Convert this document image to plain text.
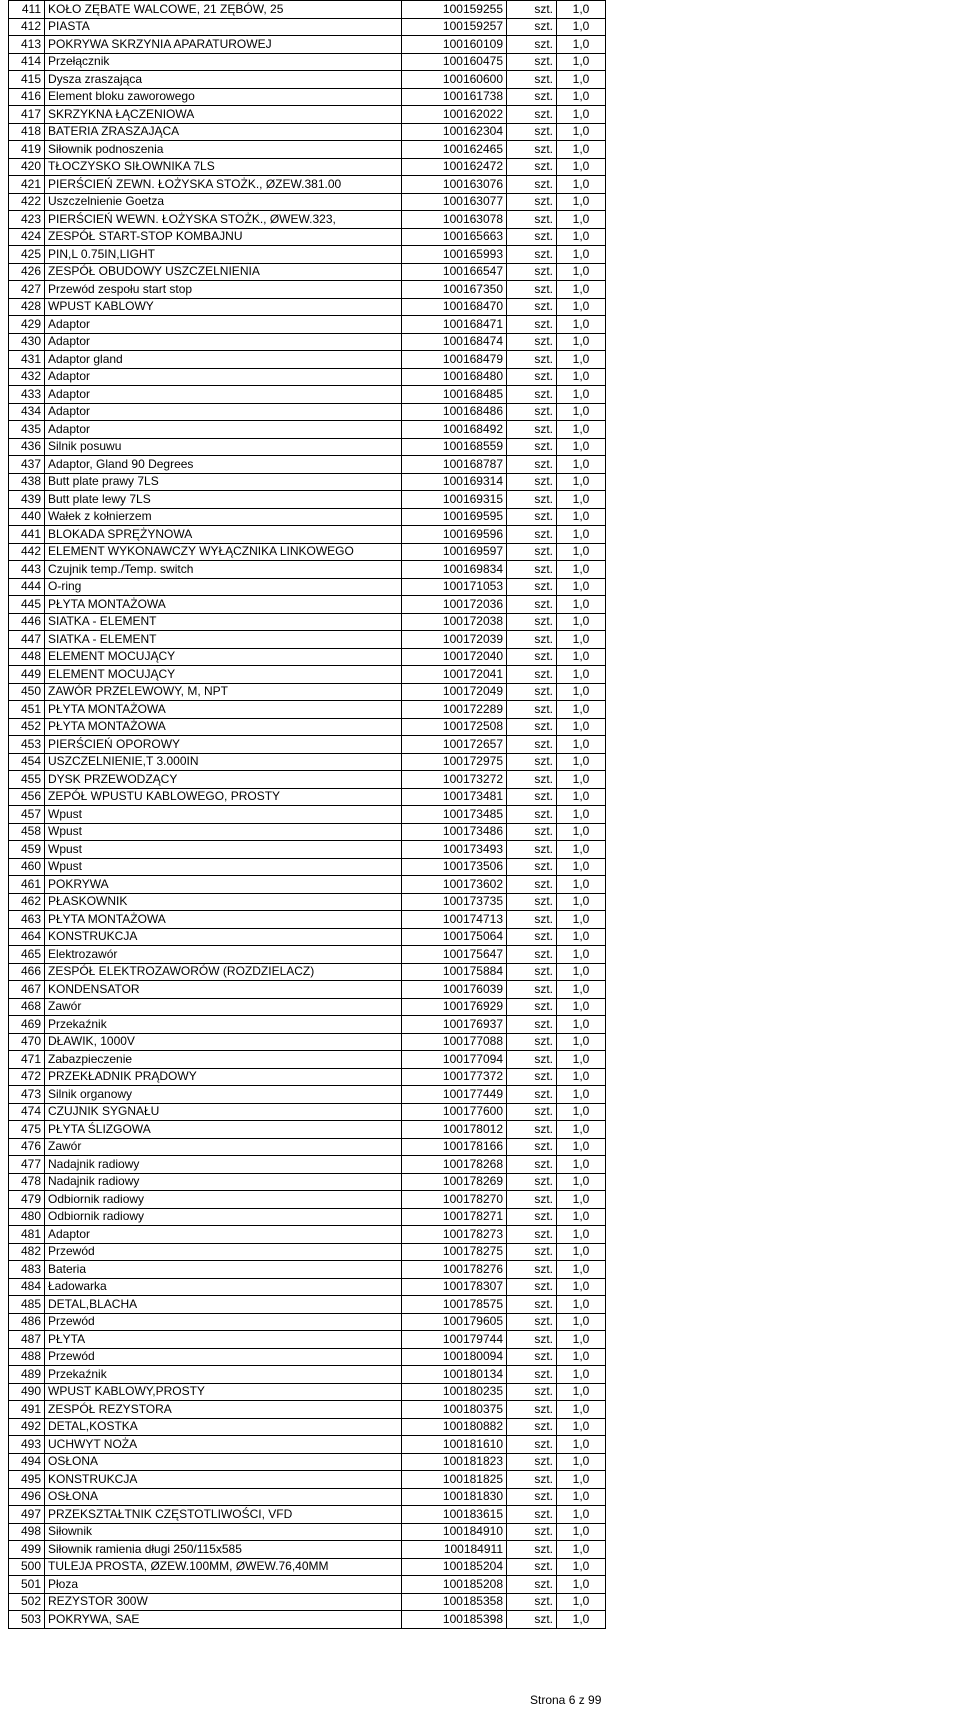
411	KOŁO ZĘBATE WALCOWE, 21 ZĘBÓW, 25	100159255	szt.	1,0
412	PIASTA	100159257	szt.	1,0
413	POKRYWA SKRZYNIA APARATUROWEJ	100160109	szt.	1,0
414	Przełącznik	100160475	szt.	1,0
415	Dysza zraszająca	100160600	szt.	1,0
416	Element bloku zaworowego	100161738	szt.	1,0
417	SKRZYKNA ŁĄCZENIOWA	100162022	szt.	1,0
418	BATERIA ZRASZAJĄCA	100162304	szt.	1,0
419	Siłownik podnoszenia	100162465	szt.	1,0
420	TŁOCZYSKO SIŁOWNIKA 7LS	100162472	szt.	1,0
421	PIERŚCIEŃ ZEWN. ŁOŻYSKA STOŻK., ØZEW.381.00	100163076	szt.	1,0
422	Uszczelnienie Goetza	100163077	szt.	1,0
423	PIERŚCIEŃ WEWN. ŁOŻYSKA STOŻK., ØWEW.323,	100163078	szt.	1,0
424	ZESPÓŁ START-STOP KOMBAJNU	100165663	szt.	1,0
425	PIN,L 0.75IN,LIGHT	100165993	szt.	1,0
426	ZESPÓŁ OBUDOWY USZCZELNIENIA	100166547	szt.	1,0
427	Przewód zespołu start stop	100167350	szt.	1,0
428	WPUST KABLOWY	100168470	szt.	1,0
429	Adaptor	100168471	szt.	1,0
430	Adaptor	100168474	szt.	1,0
431	Adaptor gland	100168479	szt.	1,0
432	Adaptor	100168480	szt.	1,0
433	Adaptor	100168485	szt.	1,0
434	Adaptor	100168486	szt.	1,0
435	Adaptor	100168492	szt.	1,0
436	Silnik posuwu	100168559	szt.	1,0
437	Adaptor, Gland 90 Degrees	100168787	szt.	1,0
438	Butt plate prawy 7LS	100169314	szt.	1,0
439	Butt plate lewy 7LS	100169315	szt.	1,0
440	Wałek z kołnierzem	100169595	szt.	1,0
441	BLOKADA SPRĘŻYNOWA	100169596	szt.	1,0
442	ELEMENT WYKONAWCZY WYŁĄCZNIKA LINKOWEGO	100169597	szt.	1,0
443	Czujnik temp./Temp. switch	100169834	szt.	1,0
444	O-ring	100171053	szt.	1,0
445	PŁYTA MONTAŻOWA	100172036	szt.	1,0
446	SIATKA - ELEMENT	100172038	szt.	1,0
447	SIATKA - ELEMENT	100172039	szt.	1,0
448	ELEMENT MOCUJĄCY	100172040	szt.	1,0
449	ELEMENT MOCUJĄCY	100172041	szt.	1,0
450	ZAWÓR PRZELEWOWY, M, NPT	100172049	szt.	1,0
451	PŁYTA MONTAŻOWA	100172289	szt.	1,0
452	PŁYTA MONTAŻOWA	100172508	szt.	1,0
453	PIERŚCIEŃ OPOROWY	100172657	szt.	1,0
454	USZCZELNIENIE,T 3.000IN	100172975	szt.	1,0
455	DYSK PRZEWODZĄCY	100173272	szt.	1,0
456	ZEPÓŁ WPUSTU KABLOWEGO, PROSTY	100173481	szt.	1,0
457	Wpust	100173485	szt.	1,0
458	Wpust	100173486	szt.	1,0
459	Wpust	100173493	szt.	1,0
460	Wpust	100173506	szt.	1,0
461	POKRYWA	100173602	szt.	1,0
462	PŁASKOWNIK	100173735	szt.	1,0
463	PŁYTA MONTAŻOWA	100174713	szt.	1,0
464	KONSTRUKCJA	100175064	szt.	1,0
465	Elektrozawór	100175647	szt.	1,0
466	ZESPÓŁ ELEKTROZAWORÓW (ROZDZIELACZ)	100175884	szt.	1,0
467	KONDENSATOR	100176039	szt.	1,0
468	Zawór	100176929	szt.	1,0
469	Przekaźnik	100176937	szt.	1,0
470	DŁAWIK, 1000V	100177088	szt.	1,0
471	Zabazpieczenie	100177094	szt.	1,0
472	PRZEKŁADNIK PRĄDOWY	100177372	szt.	1,0
473	Silnik organowy	100177449	szt.	1,0
474	CZUJNIK SYGNAŁU	100177600	szt.	1,0
475	PŁYTA ŚLIZGOWA	100178012	szt.	1,0
476	Zawór	100178166	szt.	1,0
477	Nadajnik radiowy	100178268	szt.	1,0
478	Nadajnik radiowy	100178269	szt.	1,0
479	Odbiornik radiowy	100178270	szt.	1,0
480	Odbiornik radiowy	100178271	szt.	1,0
481	Adaptor	100178273	szt.	1,0
482	Przewód	100178275	szt.	1,0
483	Bateria	100178276	szt.	1,0
484	Ładowarka	100178307	szt.	1,0
485	DETAL,BLACHA	100178575	szt.	1,0
486	Przewód	100179605	szt.	1,0
487	PŁYTA	100179744	szt.	1,0
488	Przewód	100180094	szt.	1,0
489	Przekaźnik	100180134	szt.	1,0
490	WPUST KABLOWY,PROSTY	100180235	szt.	1,0
491	ZESPÓŁ REZYSTORA	100180375	szt.	1,0
492	DETAL,KOSTKA	100180882	szt.	1,0
493	UCHWYT NOŻA	100181610	szt.	1,0
494	OSŁONA	100181823	szt.	1,0
495	KONSTRUKCJA	100181825	szt.	1,0
496	OSŁONA	100181830	szt.	1,0
497	PRZEKSZTAŁTNIK CZĘSTOTLIWOŚCI, VFD	100183615	szt.	1,0
498	Siłownik	100184910	szt.	1,0
499	Siłownik ramienia długi 250/115x585	100184911	szt.	1,0
500	TULEJA PROSTA, ØZEW.100MM, ØWEW.76,40MM	100185204	szt.	1,0
501	Płoza	100185208	szt.	1,0
502	REZYSTOR 300W	100185358	szt.	1,0
503	POKRYWA, SAE	100185398	szt.	1,0
Strona 6 z 99
